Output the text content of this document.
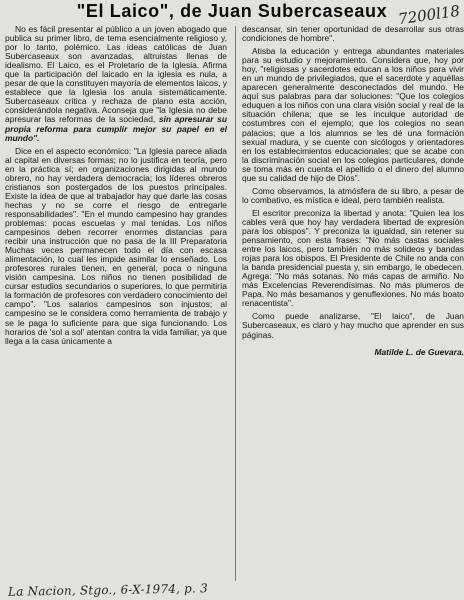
"El Laico", de Juan Subercaseaux 7200l18

No es fácil presentar al público a un joven abogado que publica su primer libro, de tema esencialmente religioso y, por lo tanto, polémico. Las ideas católicas de Juan Subercaseaux son avanzadas, altruistas llenas de idealismo. El Laico, es el Proletario de la Iglesia. Afirma que la participación del laicado en la iglesia es nula, a pesar de que la constituyen mayoría de elementos laicos, y establece que la Iglesia los anula sistemáticamente. Subercaseaux critica y rechaza de plano esta acción, considerándola negativa. Aconseja que "la Iglesia no debe apresurar las reformas de la sociedad, sin apresurar su propia reforma para cumplir mejor su papel en el mundo".

Dice en el aspecto económico: "La Iglesia parece aliada al capital en diversas formas; no lo justifica en teoría, pero en la práctica sí; en organizaciones dirigidas al mundo obrero, no hay verdadera democracia; los líderes obreros cristianos son postergados de los puestos principales. Existe la idea de que al trabajador hay que darle las cosas hechas y no se corre el riesgo de entregarle responsabilidades". "En el mundo campesino hay grandes problemas: pocas escuelas y mal tenidas. Los niños campesinos deben recorrer enormes distancias para recibir una instrucción que no pasa de la III Preparatoria Muchas veces permanecen todo el día con escasa alimentación, lo cual les impide asimilar lo enseñado. Los profesores rurales tienen, en general, poca o ninguna visión campesina. Los niños no tienen posibilidad de cursar estudios secundarios o superiores, lo que permitiría la formación de profesores con verdadero conocimiento del campo". "Los salarios campesinos son injustos; al campesino se le considera como herramienta de trabajo y se le paga lo suficiente para que siga funcionando. Los horarios de 'sol a sol' atentan contra la vida familiar, ya que llega a la casa únicamente a

descansar, sin tener oportunidad de desarrollar sus otras condiciones de hombre".

Atisba la educación y entrega abundantes materiales para su estudio y mejoramiento. Considera que, hoy por hoy, "religiosas y sacerdotes educan a los niños para vivir en un mundo de privilegiados, que el sacerdote y aquéllas aparecen generalmente desconectados del mundo. He aquí sus palabras para dar soluciones: "Que los colegios eduquen a los niños con una clara visión social y real de la situación chilena; que se les inculque autoridad de costumbres con el ejemplo; que los colegios no sean palacios; que a los alumnos se les dé una formación sexual madura, y se cuente con sicólogos y orientadores en los establecimientos educacionales; que se acabe con la discriminación social en los colegios particulares, donde se toma más en cuenta el apellido o el dinero del alumno que su calidad de hijo de Dios".

Como observamos, la atmósfera de su libro, a pesar de lo combativo, es mística e ideal, pero también realista.

El escritor preconiza la libertad y anota: "Quien lea los cables verá que hoy hay verdadera libertad de expresión para los obispos". Y preconiza la igualdad, sin retener su pensamiento, con esta frases: "No más castas sociales entre los laicos, pero también no más solideos y bandas rojas para los obispos. El Presidente de Chile no anda con la banda presidencial puesta y, sin embargo, le obedecen. Agrega: "No más sotanas. No más capas de armiño. No más Excelencias Reverendísimas. No más plumeros de Papa. No más besamanos y genuflexiones. No más boato renacentista".

Como puede analizarse, "El laico", de Juan Subercaseaux, es claro y hay mucho que aprender en sus páginas.

Matilde L. de Guevara.

La Nacion, Stgo., 6-X-1974, p. 3
